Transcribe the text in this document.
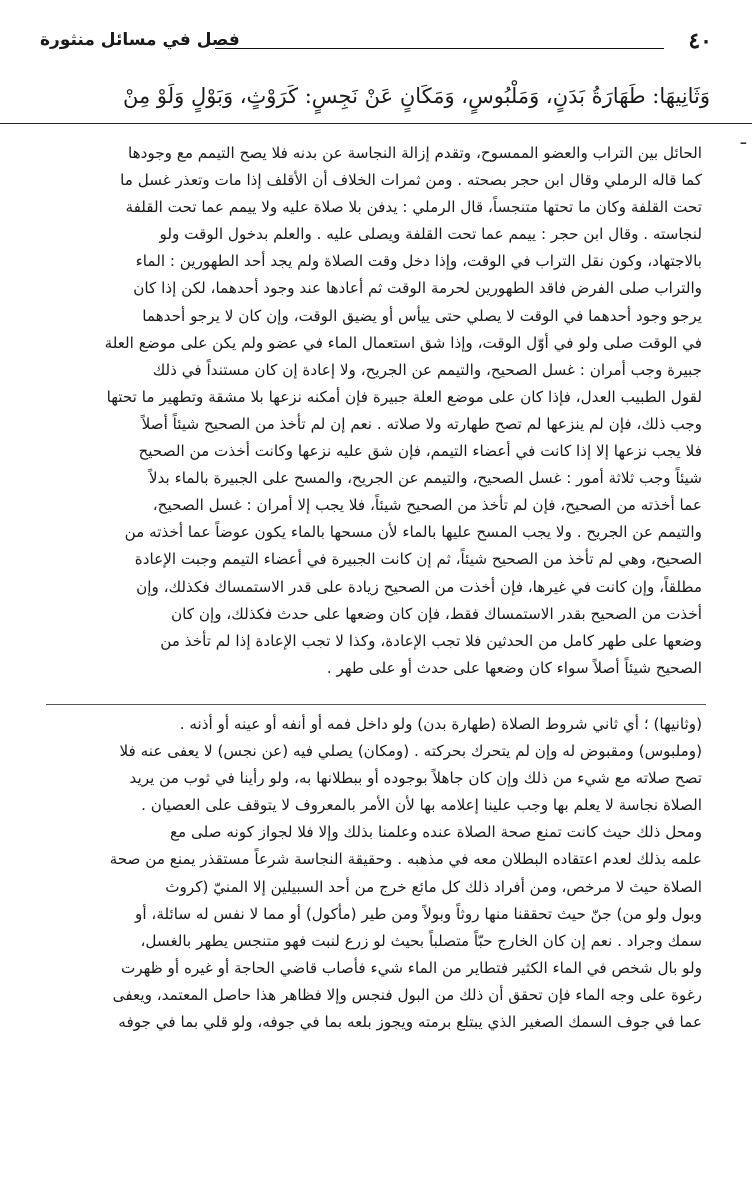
٤٠
فصل في مسائل منثورة
وَثَانِيهَا: طَهَارَةُ بَدَنٍ، وَمَلْبُوسٍ، وَمَكَانٍ عَنْ نَجِسٍ: كَرَوْثٍ، وَبَوْلٍ وَلَوْ مِنْ
ـ
الحائل بين التراب والعضو الممسوح، وتقدم إزالة النجاسة عن بدنه فلا يصح التيمم مع وجودها
كما قاله الرملي وقال ابن حجر بصحته . ومن ثمرات الخلاف أن الأقلف إذا مات وتعذر غسل ما
تحت القلفة وكان ما تحتها متنجساً، قال الرملي : يدفن بلا صلاة عليه ولا ييمم عما تحت القلفة
لنجاسته . وقال ابن حجر : ييمم عما تحت القلفة ويصلى عليه . والعلم بدخول الوقت ولو
بالاجتهاد، وكون نقل التراب في الوقت، وإذا دخل وقت الصلاة ولم يجد أحد الطهورين : الماء
والتراب صلى الفرض فاقد الطهورين لحرمة الوقت ثم أعادها عند وجود أحدهما، لكن إذا كان
يرجو وجود أحدهما في الوقت لا يصلي حتى ييأس أو يضيق الوقت، وإن كان لا يرجو أحدهما
في الوقت صلى ولو في أوّل الوقت، وإذا شق استعمال الماء في عضو ولم يكن على موضع العلة
جبيرة وجب أمران : غسل الصحيح، والتيمم عن الجريح، ولا إعادة إن كان مستنداً في ذلك
لقول الطبيب العدل، فإذا كان على موضع العلة جبيرة فإن أمكنه نزعها بلا مشقة وتطهير ما تحتها
وجب ذلك، فإن لم ينزعها لم تصح طهارته ولا صلاته . نعم إن لم تأخذ من الصحيح شيئاً أصلاً
فلا يجب نزعها إلا إذا كانت في أعضاء التيمم، فإن شق عليه نزعها وكانت أخذت من الصحيح
شيئاً وجب ثلاثة أمور : غسل الصحيح، والتيمم عن الجريح، والمسح على الجبيرة بالماء بدلاً
عما أخذته من الصحيح، فإن لم تأخذ من الصحيح شيئاً، فلا يجب إلا أمران : غسل الصحيح،
والتيمم عن الجريح . ولا يجب المسح عليها بالماء لأن مسحها بالماء يكون عوضاً عما أخذته من
الصحيح، وهي لم تأخذ من الصحيح شيئاً، ثم إن كانت الجبيرة في أعضاء التيمم وجبت الإعادة
مطلقاً، وإن كانت في غيرها، فإن أخذت من الصحيح زيادة على قدر الاستمساك فكذلك، وإن
أخذت من الصحيح بقدر الاستمساك فقط، فإن كان وضعها على حدث فكذلك، وإن كان
وضعها على طهر كامل من الحدثين فلا تجب الإعادة، وكذا لا تجب الإعادة إذا لم تأخذ من
الصحيح شيئاً أصلاً سواء كان وضعها على حدث أو على طهر .
(وثانيها) ؛ أي ثاني شروط الصلاة (طهارة بدن) ولو داخل فمه أو أنفه أو عينه أو أذنه .
(وملبوس) ومقبوض له وإن لم يتحرك بحركته . (ومكان) يصلي فيه (عن نجس) لا يعفى عنه فلا
تصح صلاته مع شيء من ذلك وإن كان جاهلاً بوجوده أو ببطلانها به، ولو رأينا في ثوب من يريد
الصلاة نجاسة لا يعلم بها وجب علينا إعلامه بها لأن الأمر بالمعروف لا يتوقف على العصيان .
ومحل ذلك حيث كانت تمنع صحة الصلاة عنده وعلمنا بذلك وإلا فلا لجواز كونه صلى مع
علمه بذلك لعدم اعتقاده البطلان معه في مذهبه . وحقيقة النجاسة شرعاً مستقذر يمنع من صحة
الصلاة حيث لا مرخص، ومن أفراد ذلك كل مائع خرج من أحد السبيلين إلا المنيّ (كروث
وبول ولو من) جنّ حيث تحققنا منها روثاً وبولاً ومن طير (مأكول) أو مما لا نفس له سائلة، أو
سمك وجراد . نعم إن كان الخارج حبّاً متصلباً بحيث لو زرع لنبت فهو متنجس يطهر بالغسل،
ولو بال شخص في الماء الكثير فتطاير من الماء شيء فأصاب قاضي الحاجة أو غيره أو ظهرت
رغوة على وجه الماء فإن تحقق أن ذلك من البول فنجس وإلا فظاهر هذا حاصل المعتمد، ويعفى
عما في جوف السمك الصغير الذي يبتلع برمته ويجوز بلعه بما في جوفه، ولو قلي بما في جوفه
